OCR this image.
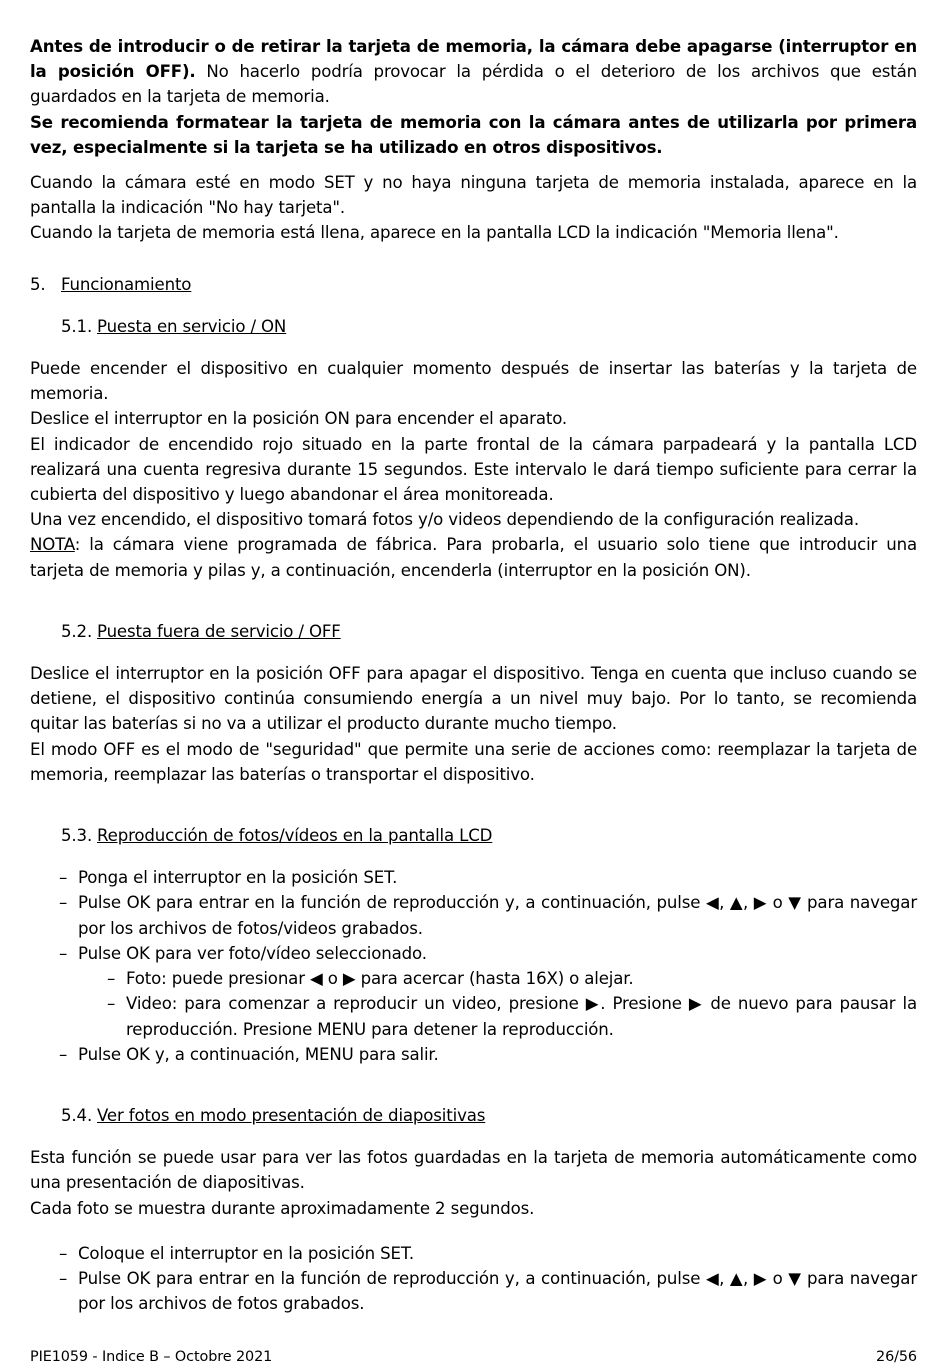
Antes de introducir o de retirar la tarjeta de memoria, la cámara debe apagarse (interruptor en la posición OFF). No hacerlo podría provocar la pérdida o el deterioro de los archivos que están guardados en la tarjeta de memoria.

Se recomienda formatear la tarjeta de memoria con la cámara antes de utilizarla por primera vez, especialmente si la tarjeta se ha utilizado en otros dispositivos.

Cuando la cámara esté en modo SET y no haya ninguna tarjeta de memoria instalada, aparece en la pantalla la indicación "No hay tarjeta".

Cuando la tarjeta de memoria está llena, aparece en la pantalla LCD la indicación "Memoria llena".

5. Funcionamiento
5.1. Puesta en servicio / ON

Puede encender el dispositivo en cualquier momento después de insertar las baterías y la tarjeta de memoria.

Deslice el interruptor en la posición ON para encender el aparato.

El indicador de encendido rojo situado en la parte frontal de la cámara parpadeará y la pantalla LCD realizará una cuenta regresiva durante 15 segundos. Este intervalo le dará tiempo suficiente para cerrar la cubierta del dispositivo y luego abandonar el área monitoreada.

Una vez encendido, el dispositivo tomará fotos y/o videos dependiendo de la configuración realizada.

NOTA: la cámara viene programada de fábrica. Para probarla, el usuario solo tiene que introducir una tarjeta de memoria y pilas y, a continuación, encenderla (interruptor en la posición ON).

5.2. Puesta fuera de servicio / OFF

Deslice el interruptor en la posición OFF para apagar el dispositivo. Tenga en cuenta que incluso cuando se detiene, el dispositivo continúa consumiendo energía a un nivel muy bajo. Por lo tanto, se recomienda quitar las baterías si no va a utilizar el producto durante mucho tiempo.

El modo OFF es el modo de "seguridad" que permite una serie de acciones como: reemplazar la tarjeta de memoria, reemplazar las baterías o transportar el dispositivo.

5.3. Reproducción de fotos/vídeos en la pantalla LCD
– Ponga el interruptor en la posición SET.
– Pulse OK para entrar en la función de reproducción y, a continuación, pulse ◀, ▲, ▶ o ▼ para navegar por los archivos de fotos/videos grabados.
– Pulse OK para ver foto/vídeo seleccionado.
– Foto: puede presionar ◀ o ▶ para acercar (hasta 16X) o alejar.
– Video: para comenzar a reproducir un video, presione ▶. Presione ▶ de nuevo para pausar la reproducción. Presione MENU para detener la reproducción.
– Pulse OK y, a continuación, MENU para salir.
5.4. Ver fotos en modo presentación de diapositivas

Esta función se puede usar para ver las fotos guardadas en la tarjeta de memoria automáticamente como una presentación de diapositivas.

Cada foto se muestra durante aproximadamente 2 segundos.

– Coloque el interruptor en la posición SET.
– Pulse OK para entrar en la función de reproducción y, a continuación, pulse ◀, ▲, ▶ o ▼ para navegar por los archivos de fotos grabados.
PIE1059 - Indice B – Octobre 2021	26/56
